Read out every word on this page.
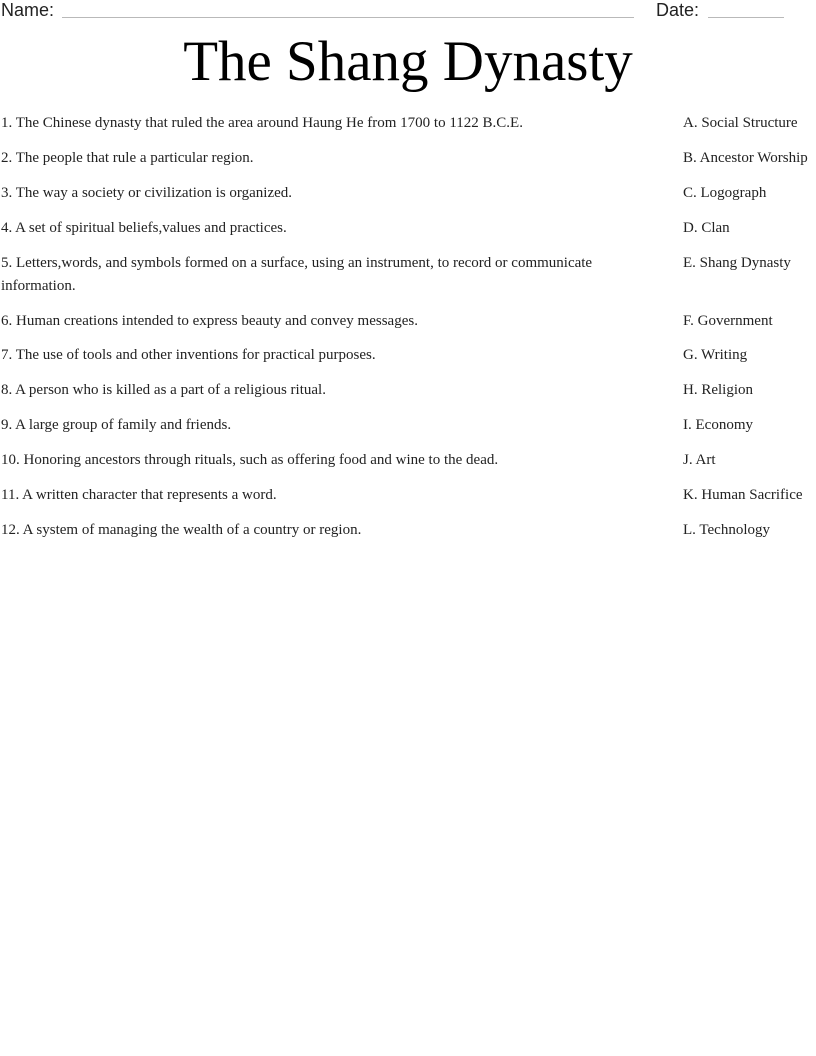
Name:	Date:
The Shang Dynasty
1. The Chinese dynasty that ruled the area around Haung He from 1700 to 1122 B.C.E.	A. Social Structure
2. The people that rule a particular region.	B. Ancestor Worship
3. The way a society or civilization is organized.	C. Logograph
4. A set of spiritual beliefs,values and practices.	D. Clan
5. Letters,words, and symbols formed on a surface, using an instrument, to record or communicate information.
E. Shang Dynasty
6. Human creations intended to express beauty and convey messages.	F. Government
7. The use of tools and other inventions for practical purposes.	G. Writing
8. A person who is killed as a part of a religious ritual.	H. Religion
9. A large group of family and friends.	I. Economy
10. Honoring ancestors through rituals, such as offering food and wine to the dead.	J. Art
11. A written character that represents a word.	K. Human Sacrifice
12. A system of managing the wealth of a country or region.	L. Technology
